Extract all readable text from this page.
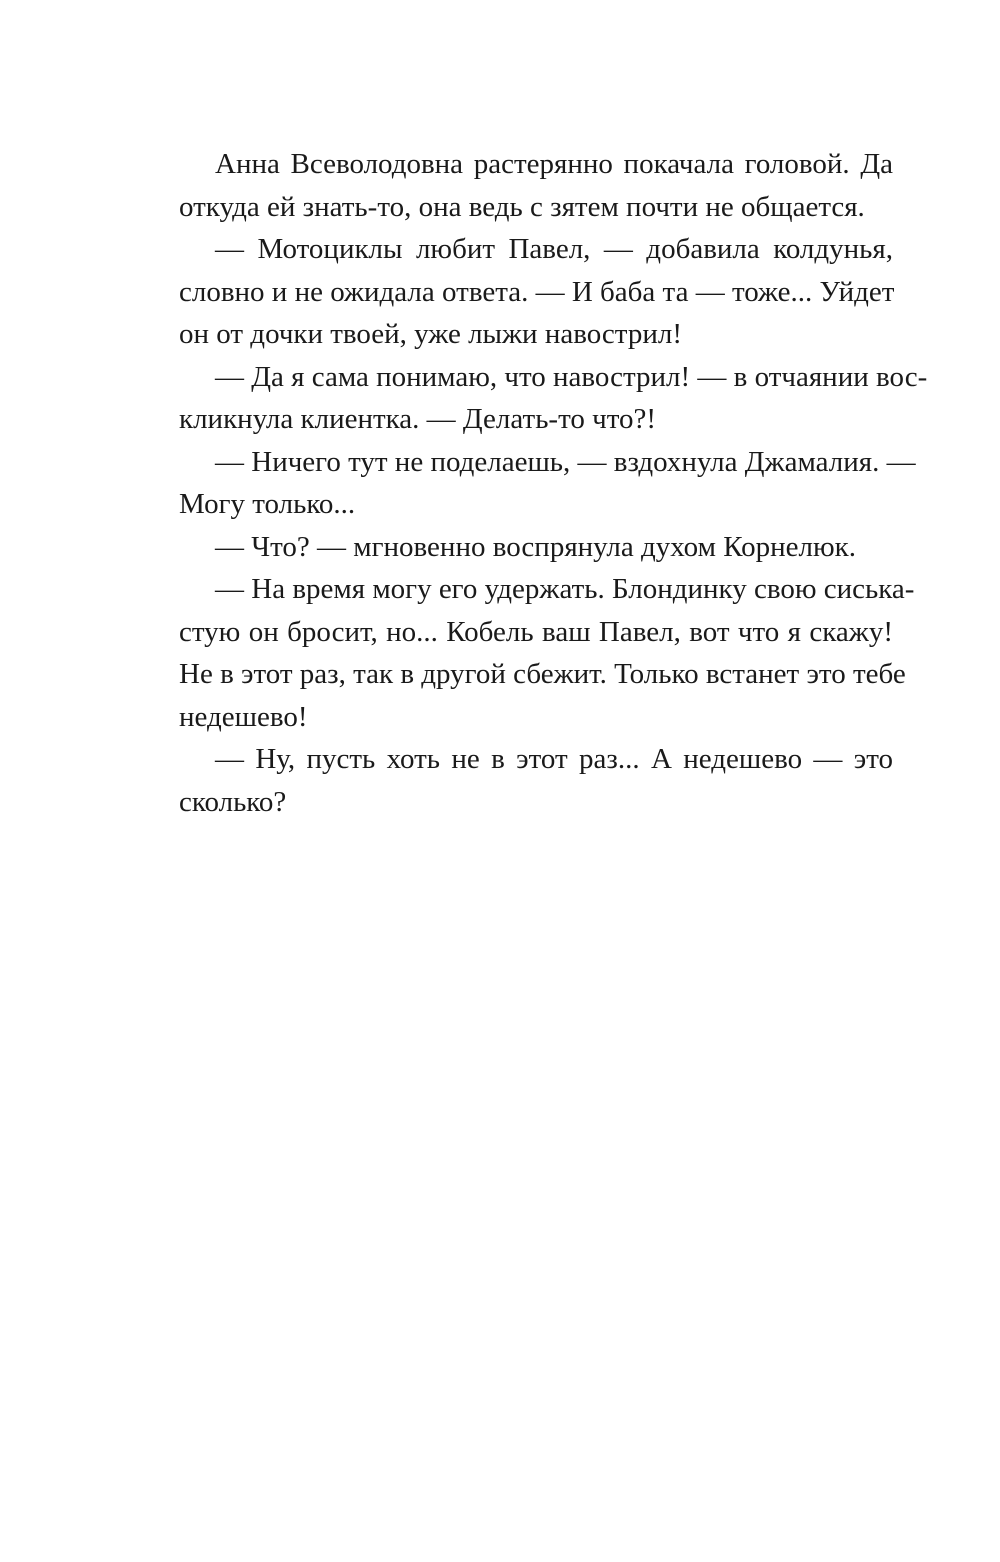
Анна Всеволодовна растерянно покачала головой. Да
откуда ей знать-то, она ведь с зятем почти не общается.
— Мотоциклы любит Павел, — добавила колдунья,
словно и не ожидала ответа. — И баба та — тоже... Уйдет
он от дочки твоей, уже лыжи навострил!
— Да я сама понимаю, что навострил! — в отчаянии вос-
кликнула клиентка. — Делать-то что?!
— Ничего тут не поделаешь, — вздохнула Джамалия. —
Могу только...
— Что? — мгновенно воспрянула духом Корнелюк.
— На время могу его удержать. Блондинку свою сиська-
стую он бросит, но... Кобель ваш Павел, вот что я скажу!
Не в этот раз, так в другой сбежит. Только встанет это тебе
недешево!
— Ну, пусть хоть не в этот раз... А недешево — это
сколько?
